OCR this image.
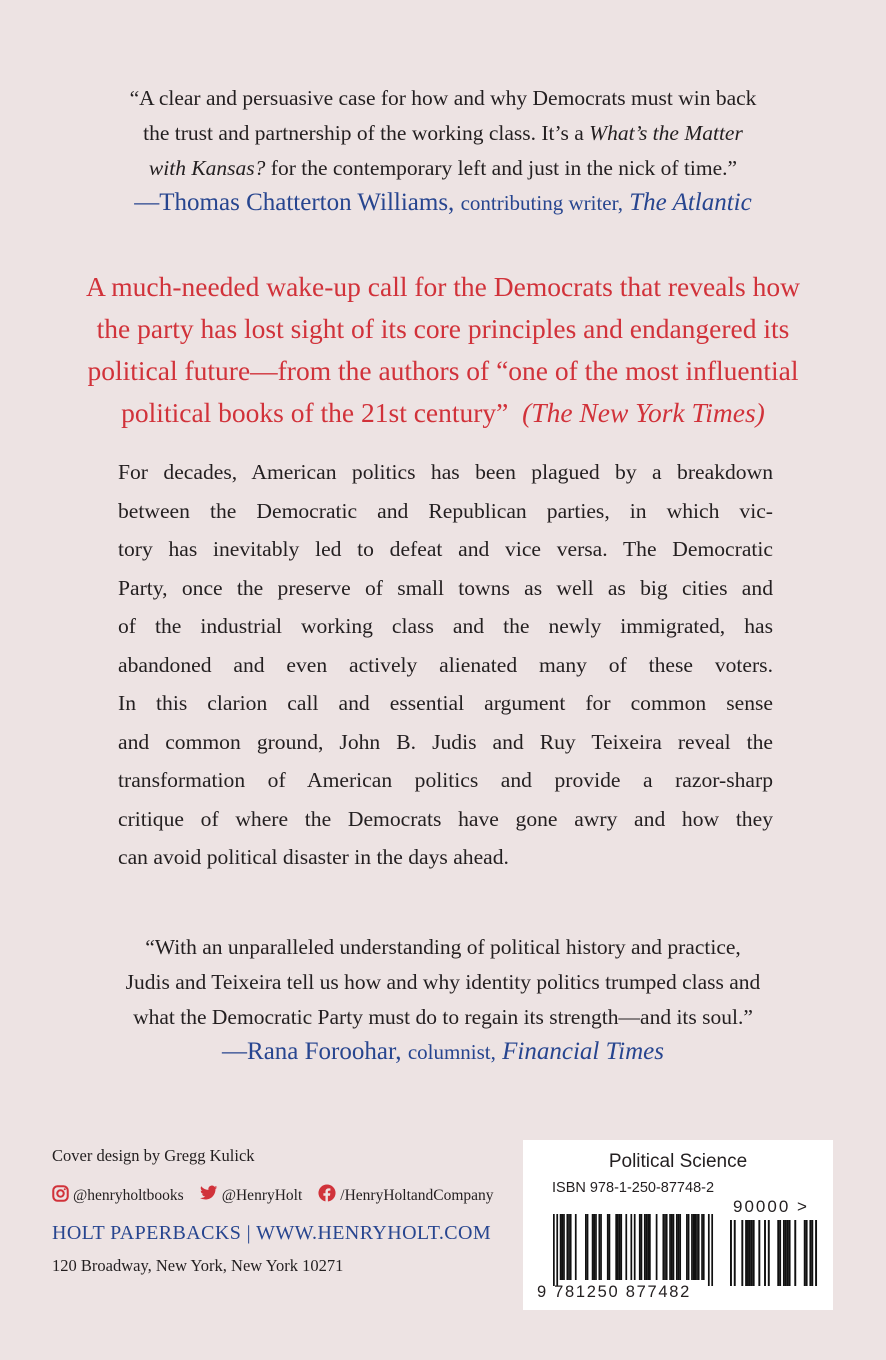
“A clear and persuasive case for how and why Democrats must win back
the trust and partnership of the working class. It’s a What’s the Matter
with Kansas? for the contemporary left and just in the nick of time.”
—Thomas Chatterton Williams, contributing writer, The Atlantic
A much-needed wake-up call for the Democrats that reveals how
the party has lost sight of its core principles and endangered its
political future—from the authors of “one of the most influential
political books of the 21st century” (The New York Times)
For decades, American politics has been plagued by a breakdown
between the Democratic and Republican parties, in which vic-
tory has inevitably led to defeat and vice versa. The Democratic
Party, once the preserve of small towns as well as big cities and
of the industrial working class and the newly immigrated, has
abandoned and even actively alienated many of these voters.
In this clarion call and essential argument for common sense
and common ground, John B. Judis and Ruy Teixeira reveal the
transformation of American politics and provide a razor-sharp
critique of where the Democrats have gone awry and how they
can avoid political disaster in the days ahead.
“With an unparalleled understanding of political history and practice,
Judis and Teixeira tell us how and why identity politics trumped class and
what the Democratic Party must do to regain its strength—and its soul.”
—Rana Foroohar, columnist, Financial Times
Cover design by Gregg Kulick
@henryholtbooks @HenryHolt /HenryHoltandCompany
HOLT PAPERBACKS | WWW.HENRYHOLT.COM
120 Broadway, New York, New York 10271
Political Science
ISBN 978-1-250-87748-2
90000 >
9 781250 877482
